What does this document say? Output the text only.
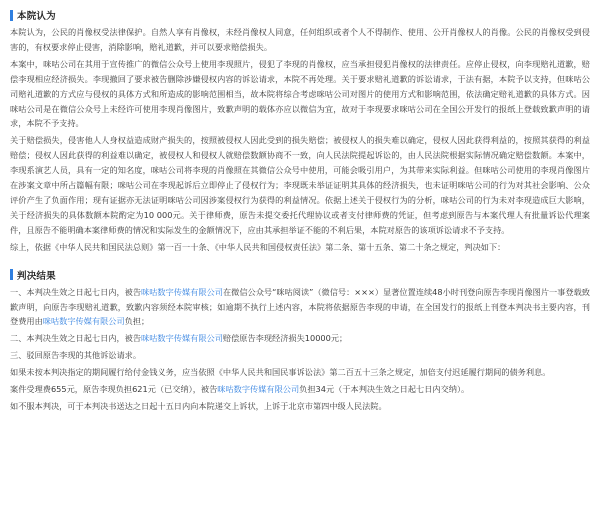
本院认为

本院认为，公民的肖像权受法律保护。自然人享有肖像权，未经肖像权人同意，任何组织或者个人不得制作、使用、公开肖像权人的肖像。公民的肖像权受到侵害的，有权要求停止侵害，消除影响，赔礼道歉，并可以要求赔偿损失。

本案中，咪咕公司在其用于宣传推广的微信公众号上使用李现照片，侵犯了李现的肖像权，应当承担侵犯肖像权的法律责任。应停止侵权，向李现赔礼道歉，赔偿李现相应经济损失。李现撤回了要求被告删除涉嫌侵权内容的诉讼请求，本院不再处理。关于要求赔礼道歉的诉讼请求，于法有据，本院予以支持，但咪咕公司赔礼道歉的方式应与侵权的具体方式和所造成的影响范围相当，故本院将综合考虑咪咕公司对图片的使用方式和影响范围，依法确定赔礼道歉的具体方式。因咪咕公司是在微信公众号上未经许可使用李现肖像图片，致歉声明的载体亦应以微信为宜，故对于李现要求咪咕公司在全国公开发行的报纸上登载致歉声明的请求，本院不予支持。

关于赔偿损失，侵害他人人身权益造成财产损失的，按照被侵权人因此受到的损失赔偿；被侵权人的损失难以确定，侵权人因此获得利益的，按照其获得的利益赔偿；侵权人因此获得的利益难以确定，被侵权人和侵权人就赔偿数额协商不一致，向人民法院提起诉讼的，由人民法院根据实际情况确定赔偿数额。本案中，李现系演艺人员，具有一定的知名度，咪咕公司将李现的肖像照在其微信公众号中使用，可能会吸引用户，为其带来实际利益。但咪咕公司使用的李现肖像图片在涉案文章中所占篇幅有限；咪咕公司在李现起诉后立即停止了侵权行为；李现既未举证证明其具体的经济损失，也未证明咪咕公司的行为对其社会影响、公众评价产生了负面作用；现有证据亦无法证明咪咕公司因涉案侵权行为获得的利益情况。依据上述关于侵权行为的分析，咪咕公司的行为未对李现造成巨大影响，关于经济损失的具体数额本院酌定为10 000元。关于律师费，原告未提交委托代理协议或者支付律师费的凭证，但考虑到原告与本案代理人有批量诉讼代理案件，且原告不能明确本案律师费的情况和实际发生的金额情况下，应由其承担举证不能的不利后果，本院对原告的该项诉讼请求不予支持。

综上，依据《中华人民共和国民法总则》第一百一十条、《中华人民共和国侵权责任法》第二条、第十五条、第二十条之规定，判决如下：

判决结果

一、本判决生效之日起七日内，被告咪咕数字传媒有限公司在微信公众号“咪咕阅读”（微信号：×××）显著位置连续48小时刊登向原告李现肖像图片一事登载致歉声明，向原告李现赔礼道歉，致歉内容须经本院审核；如逾期不执行上述内容，本院将依据原告李现的申请，在全国发行的报纸上刊登本判决书主要内容，刊登费用由咪咕数字传媒有限公司负担；

二、本判决生效之日起七日内，被告咪咕数字传媒有限公司赔偿原告李现经济损失10000元；

三、驳回原告李现的其他诉讼请求。

如果未按本判决指定的期间履行给付金钱义务，应当依照《中华人民共和国民事诉讼法》第二百五十三条之规定，加倍支付迟延履行期间的债务利息。

案件受理费655元，原告李现负担621元（已交纳），被告咪咕数字传媒有限公司负担34元（于本判决生效之日起七日内交纳）。

如不服本判决，可于本判决书送达之日起十五日内向本院递交上诉状，上诉于北京市第四中级人民法院。
